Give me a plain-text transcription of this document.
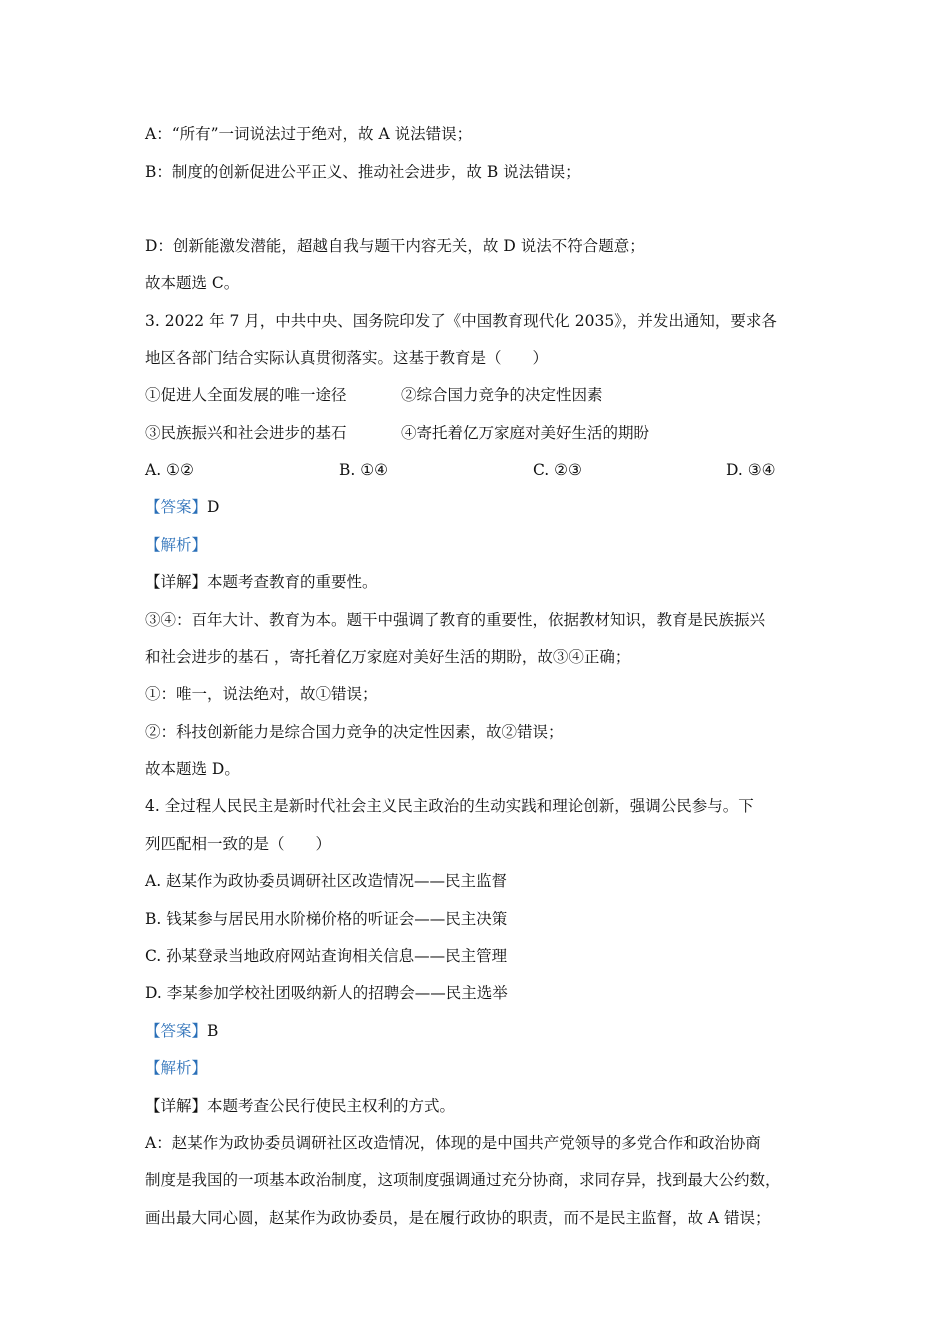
A：“所有”一词说法过于绝对，故 A 说法错误；

B：制度的创新促进公平正义、推动社会进步，故 B 说法错误；

D：创新能激发潜能，超越自我与题干内容无关，故 D 说法不符合题意；

故本题选 C。

3. 2022 年 7 月，中共中央、国务院印发了《中国教育现代化 2035》，并发出通知，要求各

地区各部门结合实际认真贯彻落实。这基于教育是（　　）

①促进人全面发展的唯一途径	②综合国力竞争的决定性因素

③民族振兴和社会进步的基石	④寄托着亿万家庭对美好生活的期盼

A. ①②	B. ①④	C. ②③	D. ③④

【答案】D

【解析】

【详解】本题考查教育的重要性。

③④：百年大计、教育为本。题干中强调了教育的重要性，依据教材知识，教育是民族振兴

和社会进步的基石 ，寄托着亿万家庭对美好生活的期盼，故③④正确；

①：唯一，说法绝对，故①错误；

②：科技创新能力是综合国力竞争的决定性因素，故②错误；

故本题选 D。

4. 全过程人民民主是新时代社会主义民主政治的生动实践和理论创新，强调公民参与。下

列匹配相一致的是（　　）

A. 赵某作为政协委员调研社区改造情况——民主监督

B. 钱某参与居民用水阶梯价格的听证会——民主决策

C. 孙某登录当地政府网站查询相关信息——民主管理

D. 李某参加学校社团吸纳新人的招聘会——民主选举

【答案】B

【解析】

【详解】本题考查公民行使民主权利的方式。

A：赵某作为政协委员调研社区改造情况，体现的是中国共产党领导的多党合作和政治协商

制度是我国的一项基本政治制度，这项制度强调通过充分协商，求同存异，找到最大公约数，

画出最大同心圆，赵某作为政协委员，是在履行政协的职责，而不是民主监督，故 A 错误；
